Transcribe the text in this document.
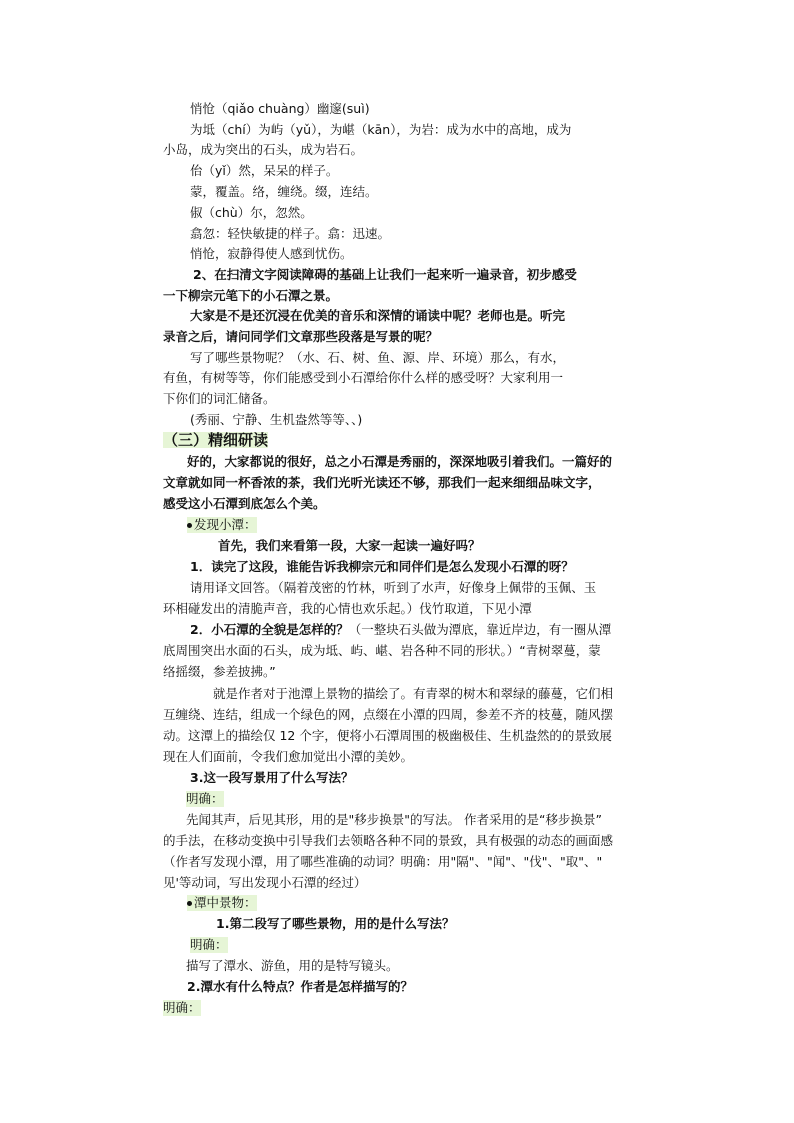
悄怆（qiǎo chuàng）幽邃(suì)
为坻（chí）为屿（yǔ），为嵁（kān），为岩：成为水中的高地，成为
小岛，成为突出的石头，成为岩石。
佁（yǐ）然，呆呆的样子。
蒙，覆盖。络，缠绕。缀，连结。
俶（chù）尔，忽然。
翕忽：轻快敏捷的样子。翕：迅速。
悄怆，寂静得使人感到忧伤。
2、在扫清文字阅读障碍的基础上让我们一起来听一遍录音，初步感受
一下柳宗元笔下的小石潭之景。
大家是不是还沉浸在优美的音乐和深情的诵读中呢？老师也是。听完
录音之后，请问同学们文章那些段落是写景的呢？
写了哪些景物呢？（水、石、树、鱼、源、岸、环境）那么，有水，
有鱼，有树等等，你们能感受到小石潭给你什么样的感受呀？大家利用一
下你们的词汇储备。
(秀丽、宁静、生机盎然等等、、)
（三）精细研读
好的，大家都说的很好，总之小石潭是秀丽的，深深地吸引着我们。一篇好的
文章就如同一杯香浓的茶，我们光听光读还不够，那我们一起来细细品味文字，
感受这小石潭到底怎么个美。
发现小潭：
首先，我们来看第一段，大家一起读一遍好吗？
1．读完了这段，谁能告诉我柳宗元和同伴们是怎么发现小石潭的呀？
请用译文回答。（隔着茂密的竹林，听到了水声，好像身上佩带的玉佩、玉
环相碰发出的清脆声音，我的心情也欢乐起。）伐竹取道，下见小潭
2．小石潭的全貌是怎样的？（一整块石头做为潭底，靠近岸边，有一圈从潭
底周围突出水面的石头，成为坻、屿、嵁、岩各种不同的形状。）“青树翠蔓，蒙
络摇缀，参差披拂。”
就是作者对于池潭上景物的描绘了。有青翠的树木和翠绿的藤蔓，它们相
互缠绕、连结，组成一个绿色的网，点缀在小潭的四周，参差不齐的枝蔓，随风摆
动。这潭上的描绘仅 12 个字，便将小石潭周围的极幽极佳、生机盎然的的景致展
现在人们面前，令我们愈加觉出小潭的美妙。
3.这一段写景用了什么写法？
明确：
先闻其声，后见其形，用的是"移步换景"的写法。 作者采用的是“移步换景”
的手法，在移动变换中引导我们去领略各种不同的景致，具有极强的动态的画面感
（作者写发现小潭，用了哪些准确的动词？明确：用"隔"、"闻"、"伐"、"取"、"
见'等动词，写出发现小石潭的经过）
潭中景物：
1.第二段写了哪些景物，用的是什么写法？
明确：
描写了潭水、游鱼，用的是特写镜头。
2.潭水有什么特点？作者是怎样描写的？
明确：
